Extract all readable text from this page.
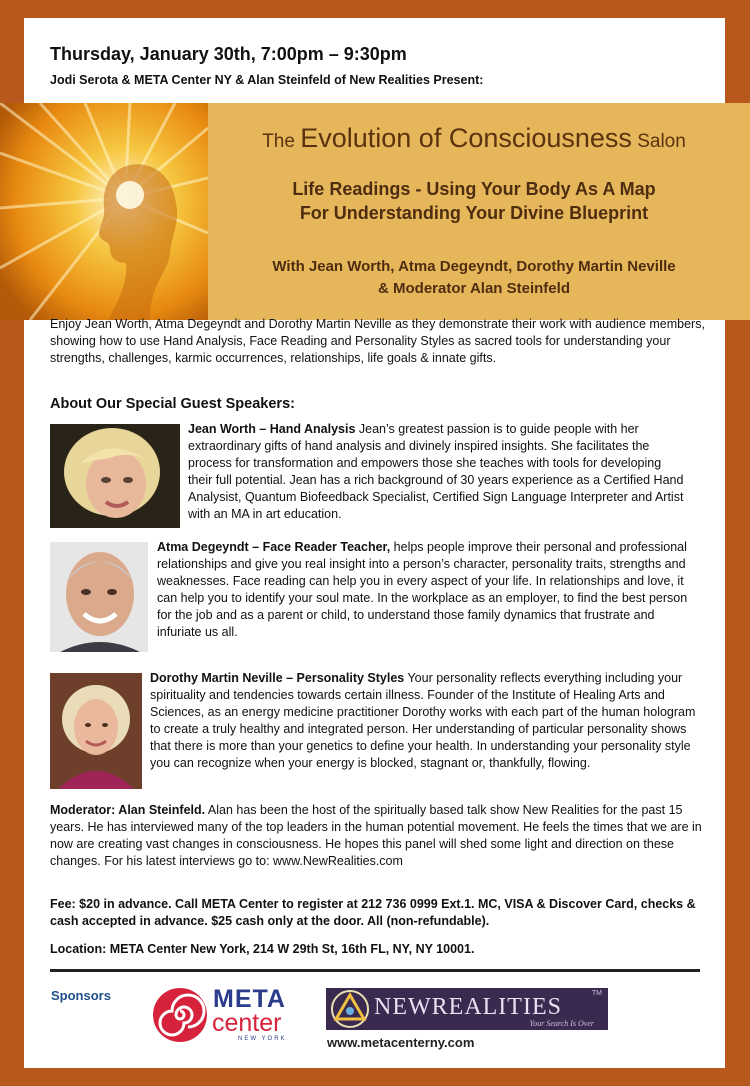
Thursday, January 30th, 7:00pm – 9:30pm

Jodi Serota & META Center NY & Alan Steinfeld of New Realities Present:

The Evolution of Consciousness Salon

Life Readings - Using Your Body As A Map
For Understanding Your Divine Blueprint

With Jean Worth, Atma Degeyndt, Dorothy Martin Neville
& Moderator Alan Steinfeld

Enjoy Jean Worth, Atma Degeyndt and Dorothy Martin Neville as they demonstrate their work with audience members, showing how to use Hand Analysis, Face Reading and Personality Styles as sacred tools for understanding your strengths, challenges, karmic occurrences, relationships, life goals & innate gifts.

About Our Special Guest Speakers:

Jean Worth – Hand Analysis Jean’s greatest passion is to guide people with her extraordinary gifts of hand analysis and divinely inspired insights. She facilitates the process for transformation and empowers those she teaches with tools for developing their full potential. Jean has a rich background of 30 years experience as a Certified Hand Analysist, Quantum Biofeedback Specialist, Certified Sign Language Interpreter and Artist with an MA in art education.

Atma Degeyndt – Face Reader Teacher, helps people improve their personal and professional relationships and give you real insight into a person’s character, personality traits, strengths and weaknesses. Face reading can help you in every aspect of your life. In relationships and love, it can help you to identify your soul mate. In the workplace as an employer, to find the best person for the job and as a parent or child, to understand those family dynamics that frustrate and infuriate us all.

Dorothy Martin Neville – Personality Styles Your personality reflects everything including your spirituality and tendencies towards certain illness. Founder of the Institute of Healing Arts and Sciences, as an energy medicine practitioner Dorothy works with each part of the human hologram to create a truly healthy and integrated person. Her understanding of particular personality shows that there is more than your genetics to define your health. In understanding your personality style you can recognize when your energy is blocked, stagnant or, thankfully, flowing.

Moderator: Alan Steinfeld. Alan has been the host of the spiritually based talk show New Realities for the past 15 years. He has interviewed many of the top leaders in the human potential movement. He feels the times that we are in now are creating vast changes in consciousness. He hopes this panel will shed some light and direction on these changes. For his latest interviews go to: www.NewRealities.com

Fee: $20 in advance. Call META Center to register at 212 736 0999 Ext.1. MC, VISA & Discover Card, checks & cash accepted in advance. $25 cash only at the door. All (non-refundable).

Location: META Center New York, 214 W 29th St, 16th FL, NY, NY 10001.

Sponsors	META
center
NEW YORK

NEWREALITIES

TM

Your Search Is Over

www.metacenterny.com
